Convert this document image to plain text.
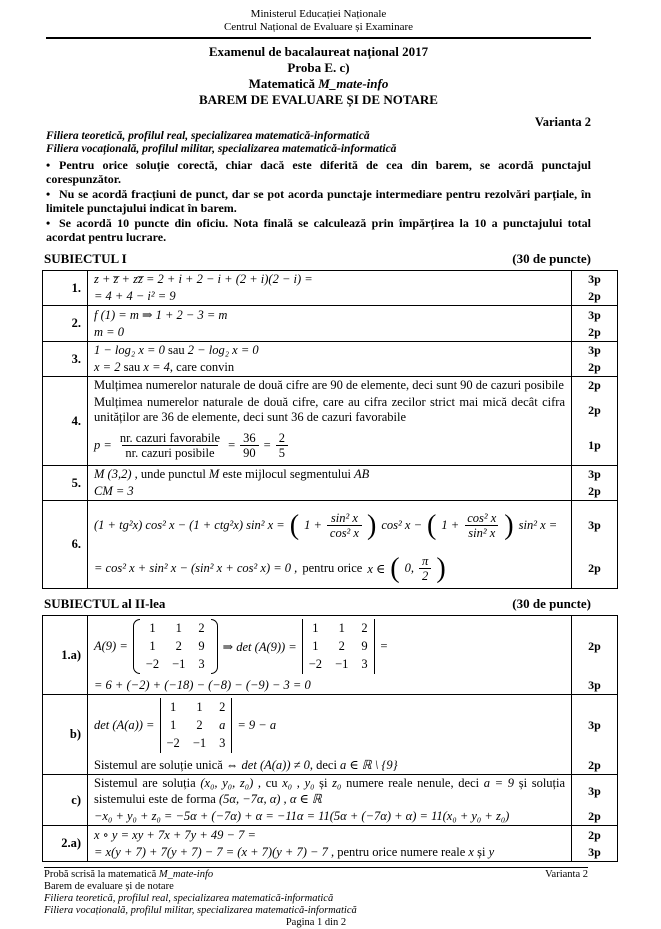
Ministerul Educației Naționale
Centrul Național de Evaluare și Examinare
Examenul de bacalaureat național 2017
Proba E. c)
Matematică M_mate-info
BAREM DE EVALUARE ȘI DE NOTARE
Varianta 2
Filiera teoretică, profilul real, specializarea matematică-informatică
Filiera vocațională, profilul militar, specializarea matematică-informatică
• Pentru orice soluție corectă, chiar dacă este diferită de cea din barem, se acordă punctajul corespunzător.
• Nu se acordă fracțiuni de punct, dar se pot acorda punctaje intermediare pentru rezolvări parțiale, în limitele punctajului indicat în barem.
• Se acordă 10 puncte din oficiu. Nota finală se calculează prin împărțirea la 10 a punctajului total acordat pentru lucrare.
SUBIECTUL I	(30 de puncte)
1.	z + z̅ + zz̅ = 2 + i + 2 − i + (2 + i)(2 − i) =	3p
	= 4 + 4 − i² = 9	2p
2.	f (1) = m ⇒ 1 + 2 − 3 = m	3p
	m = 0	2p
3.	1 − log₂ x = 0 sau 2 − log₂ x = 0	3p
	x = 2 sau x = 4, care convin	2p
4.	Mulțimea numerelor naturale de două cifre are 90 de elemente, deci sunt 90 de cazuri posibile	2p
	Mulțimea numerelor naturale de două cifre, care au cifra zecilor strict mai mică decât cifra unităților are 36 de elemente, deci sunt 36 de cazuri favorabile	2p

$p = \frac{\text{nr. cazuri favorabile}}{\text{nr. cazuri posibile}} = \frac{36}{90} = \frac{2}{5}$	1p
5.	M (3,2) , unde punctul M este mijlocul segmentului AB	3p
	CM = 3	2p
6.	
(1 + tg²x) cos² x − (1 + ctg²x) sin² x = ( $1 + \frac{\text{sin² x}}{\text{cos² x}}$ ) cos² x − ( $1 + \frac{\text{cos² x}}{\text{sin² x}}$ ) sin² x =	3p

= cos² x + sin² x − (sin² x + cos² x) = 0 , pentru orice x ∈ ( 0, $\frac{\pi}{2}$ )	2p
SUBIECTUL al II-lea	(30 de puncte)
1.a)	
A(9) =
1 1 2
1 2 9
−2 −1 3
⇒ det (A(9)) =
1 1 2
1 2 9
−2 −1 3
=	2p
	= 6 + (−2) + (−18) − (−8) − (−9) − 3 = 0	3p
b)	
det (A(a)) =
1 1 2
1 2 a
−2 −1 3
= 9 − a	3p
	Sistemul are soluție unică ⇔ det (A(a)) ≠ 0, deci a ∈ ℝ \ {9}	2p
c)	Sistemul are soluția (x₀, y₀, z₀) , cu x₀ , y₀ și z₀ numere reale nenule, deci a = 9 și soluția sistemului este de forma (5α, −7α, α) , α ∈ ℝ	3p
	−x₀ + y₀ + z₀ = −5α + (−7α) + α = −11α = 11(5α + (−7α) + α) = 11(x₀ + y₀ + z₀)	2p
2.a)	x ∘ y = xy + 7x + 7y + 49 − 7 =	2p
	= x(y + 7) + 7(y + 7) − 7 = (x + 7)(y + 7) − 7 , pentru orice numere reale x și y	3p
Probă scrisă la matematică M_mate-info	Varianta 2
Barem de evaluare și de notare
Filiera teoretică, profilul real, specializarea matematică-informatică
Filiera vocațională, profilul militar, specializarea matematică-informatică
Pagina 1 din 2
